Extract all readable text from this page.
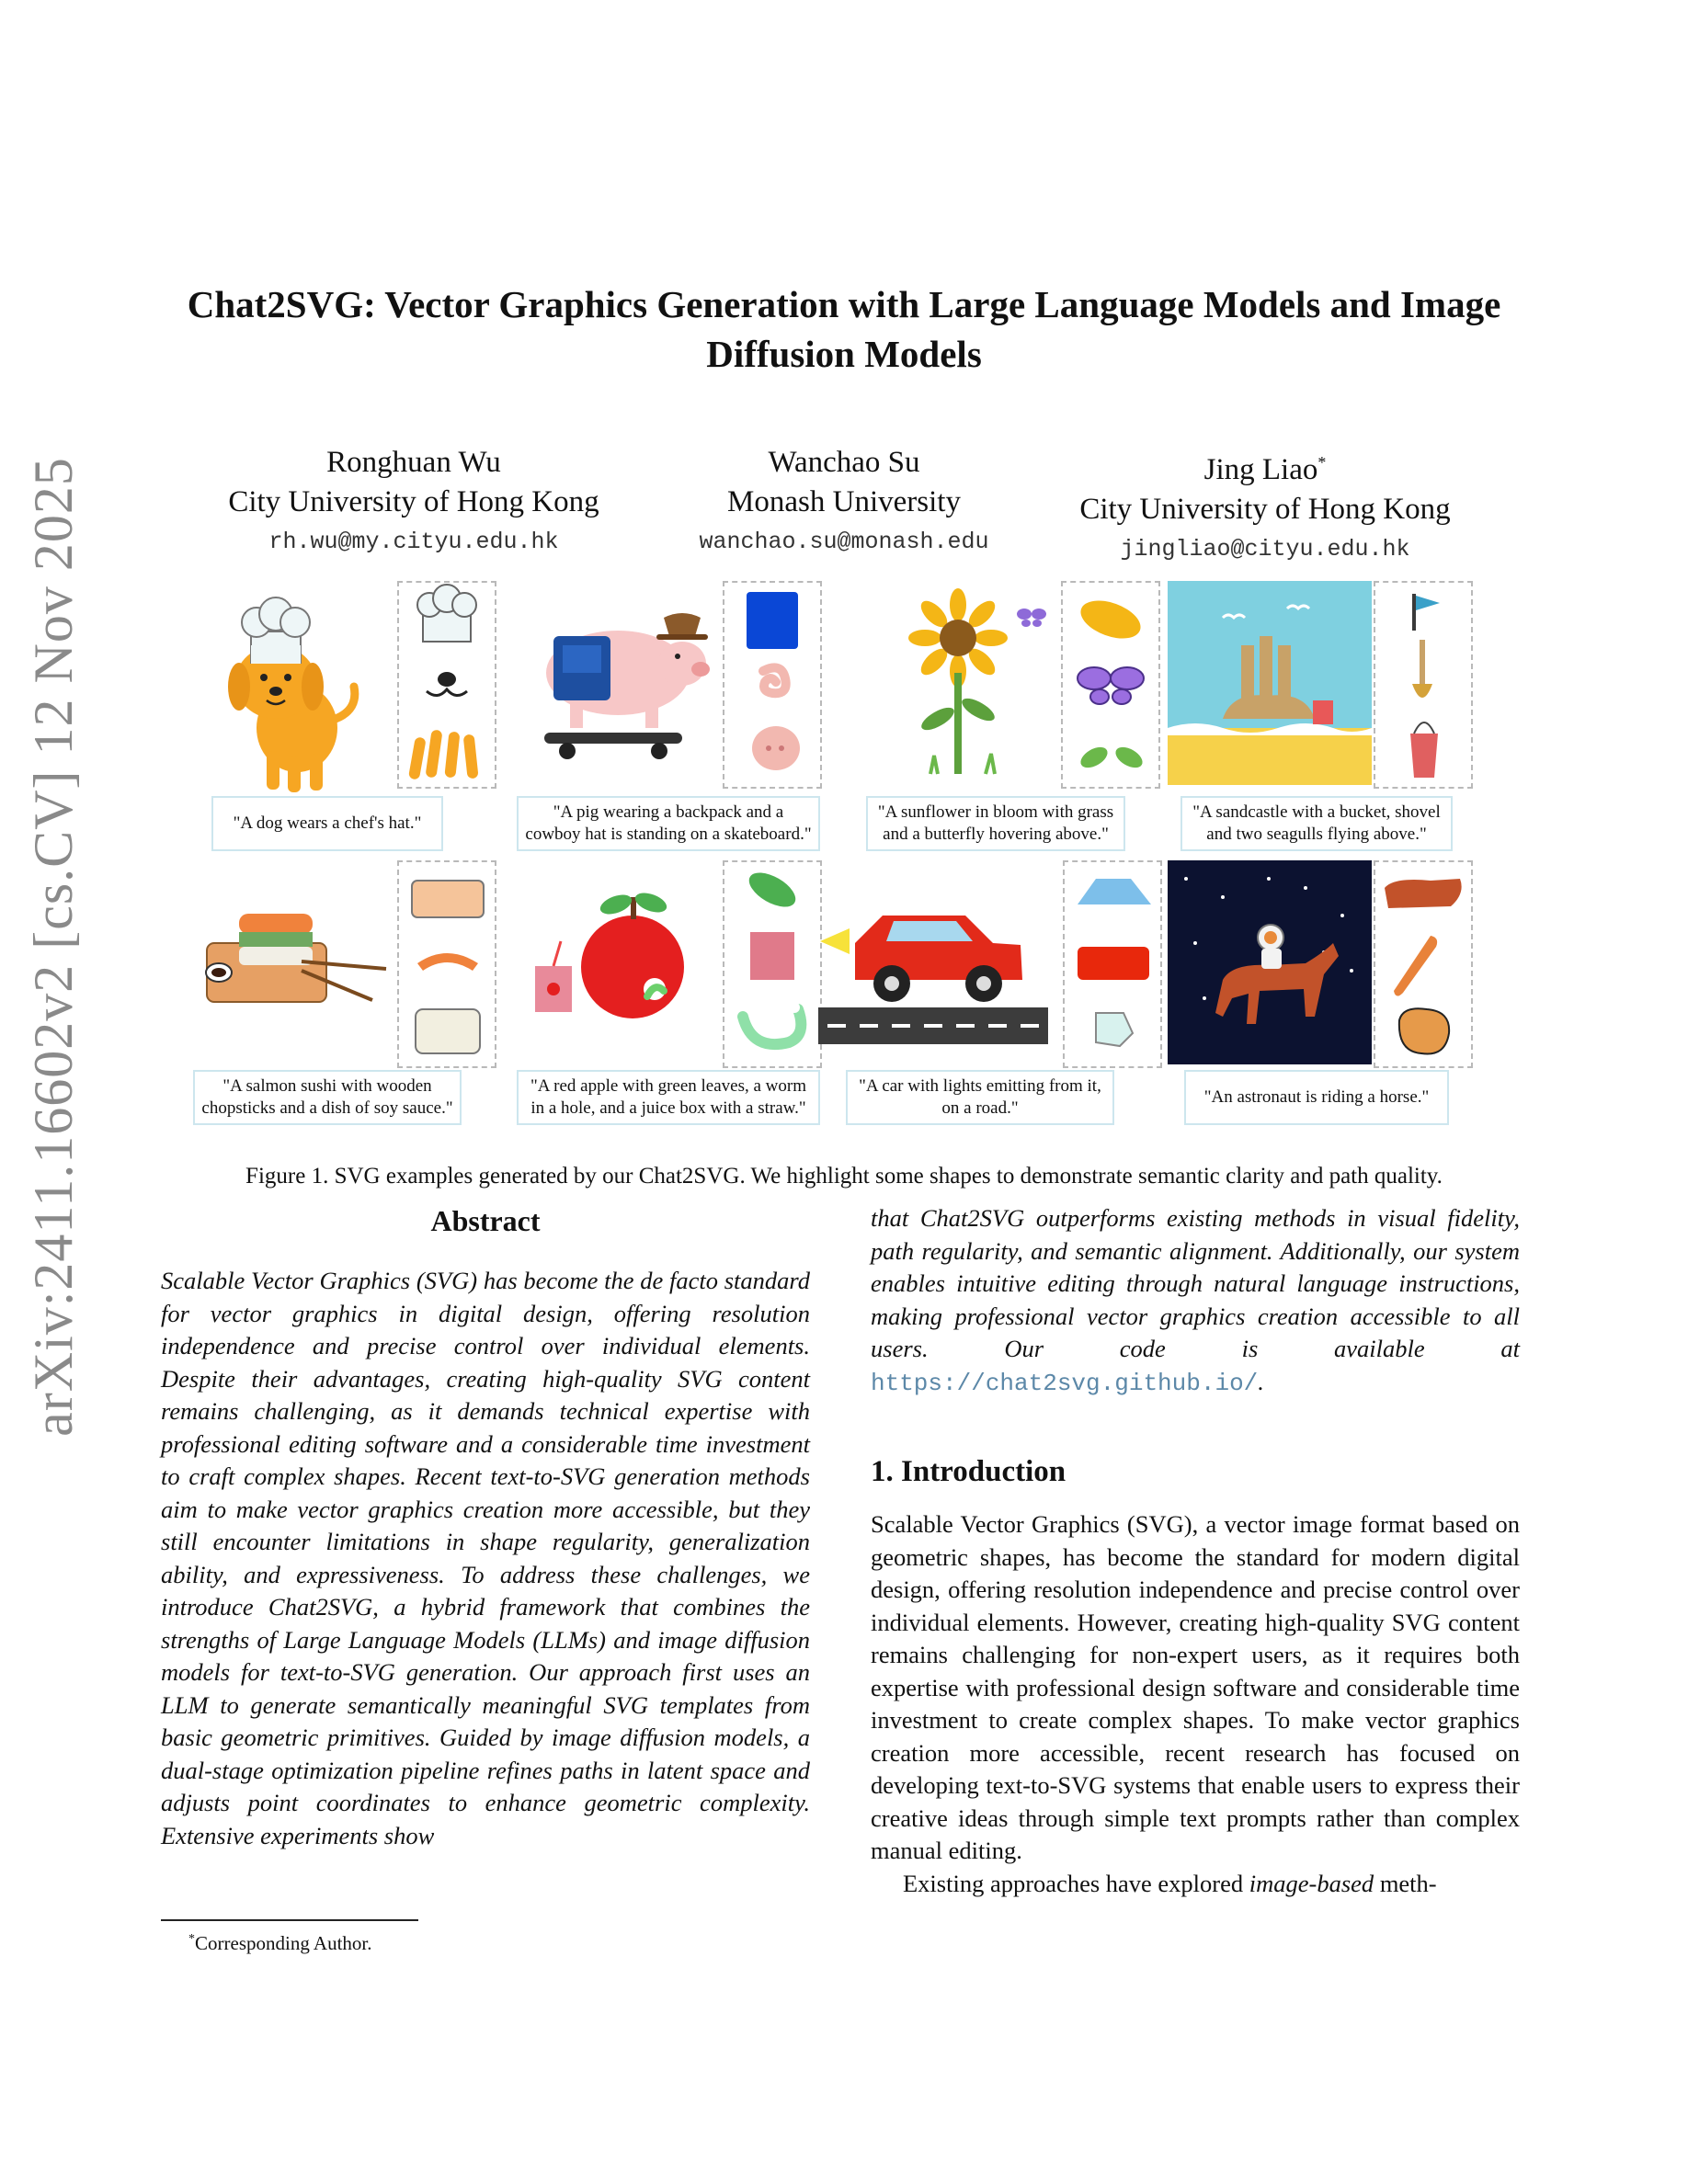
arXiv:2411.16602v2 [cs.CV] 12 Nov 2025
Chat2SVG: Vector Graphics Generation with Large Language Models and Image Diffusion Models
Ronghuan Wu
City University of Hong Kong
rh.wu@my.cityu.edu.hk
Wanchao Su
Monash University
wanchao.su@monash.edu
Jing Liao*
City University of Hong Kong
jingliao@cityu.edu.hk
"A dog wears a chef's hat."
"A pig wearing a backpack and a cowboy hat is standing on a skateboard."
"A sunflower in bloom with grass and a butterfly hovering above."
"A sandcastle with a bucket, shovel and two seagulls flying above."
"A salmon sushi with wooden chopsticks and a dish of soy sauce."
"A red apple with green leaves, a worm in a hole, and a juice box with a straw."
"A car with lights emitting from it, on a road."
"An astronaut is riding a horse."
Figure 1. SVG examples generated by our Chat2SVG. We highlight some shapes to demonstrate semantic clarity and path quality.
Abstract

Scalable Vector Graphics (SVG) has become the de facto standard for vector graphics in digital design, offering resolution independence and precise control over individual elements. Despite their advantages, creating high-quality SVG content remains challenging, as it demands technical expertise with professional editing software and a considerable time investment to craft complex shapes. Recent text-to-SVG generation methods aim to make vector graphics creation more accessible, but they still encounter limitations in shape regularity, generalization ability, and expressiveness. To address these challenges, we introduce Chat2SVG, a hybrid framework that combines the strengths of Large Language Models (LLMs) and image diffusion models for text-to-SVG generation. Our approach first uses an LLM to generate semantically meaningful SVG templates from basic geometric primitives. Guided by image diffusion models, a dual-stage optimization pipeline refines paths in latent space and adjusts point coordinates to enhance geometric complexity. Extensive experiments show

that Chat2SVG outperforms existing methods in visual fidelity, path regularity, and semantic alignment. Additionally, our system enables intuitive editing through natural language instructions, making professional vector graphics creation accessible to all users. Our code is available at https://chat2svg.github.io/.

1. Introduction

Scalable Vector Graphics (SVG), a vector image format based on geometric shapes, has become the standard for modern digital design, offering resolution independence and precise control over individual elements. However, creating high-quality SVG content remains challenging for non-expert users, as it requires both expertise with professional design software and considerable time investment to create complex shapes. To make vector graphics creation more accessible, recent research has focused on developing text-to-SVG systems that enable users to express their creative ideas through simple text prompts rather than complex manual editing.

Existing approaches have explored image-based meth-

*Corresponding Author.
